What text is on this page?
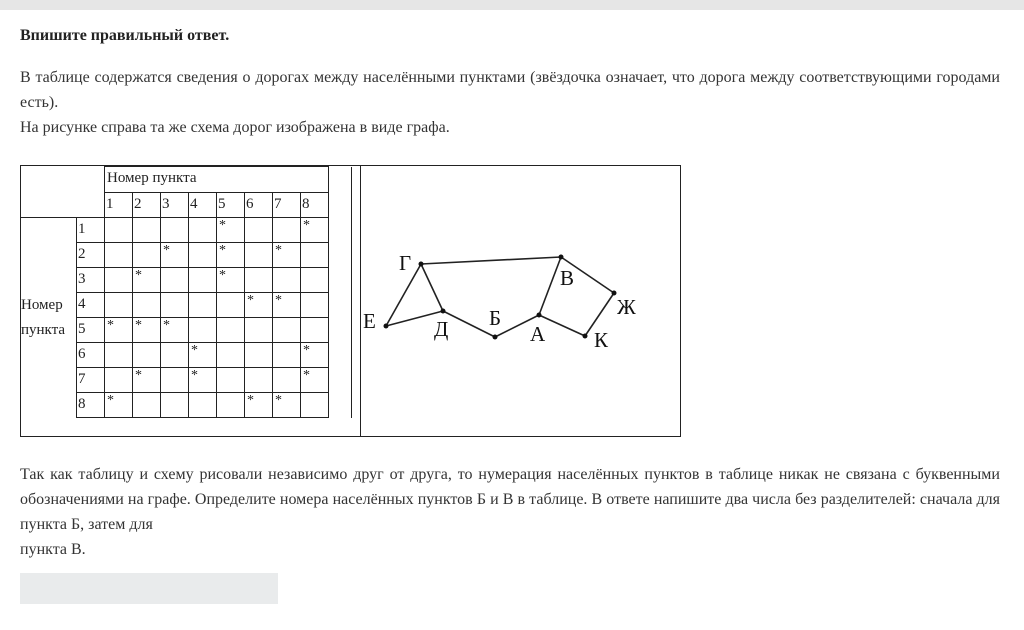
Впишите правильный ответ.
В таблице содержатся сведения о дорогах между населёнными пунктами (звёздочка означает, что дорога между соответствующими городами есть).
На рисунке справа та же схема дорог изображена в виде графа.
		Номер пункта								
		1	2	3	4	5	6	7	8	

Номер
пункта	1					*			*	
	2			*		*		*		
	3		*			*				
	4						*	*		
	5	*	*	*						
	6				*				*	
	7		*		*				*	
	8	*					*	*		
Г
Е	Д Б
А
В
Ж
К
Так как таблицу и схему рисовали независимо друг от друга, то нумерация населённых пунктов в таблице никак не связана с буквенными обозначениями на графе. Определите номера населённых пунктов Б и В в таблице. В ответе напишите два числа без разделителей: сначала для пункта Б, затем для
пункта В.
